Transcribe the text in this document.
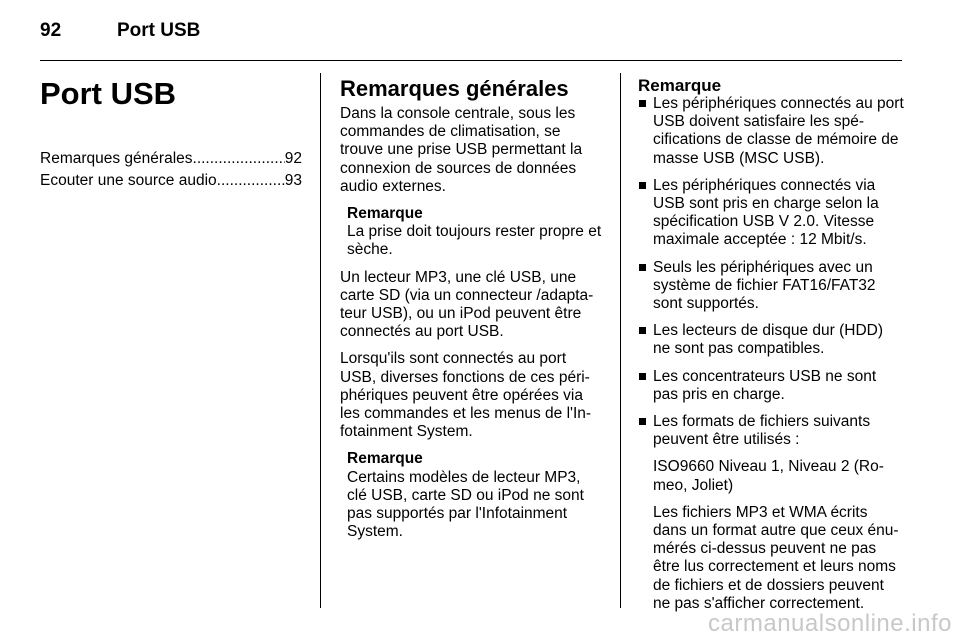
92	Port USB
Port USB
Remarques générales .....	92
Ecouter une source audio .....	93
Remarques générales

Dans la console centrale, sous les commandes de climatisation, se trouve une prise USB permettant la connexion de sources de données audio externes.

Remarque
La prise doit toujours rester propre et sèche.

Un lecteur MP3, une clé USB, une carte SD (via un connecteur /adaptateur USB), ou un iPod peuvent être connectés au port USB.

Lorsqu'ils sont connectés au port USB, diverses fonctions de ces périphériques peuvent être opérées via les commandes et les menus de l'Infotainment System.

Remarque
Certains modèles de lecteur MP3, clé USB, carte SD ou iPod ne sont pas supportés par l'Infotainment System.
Remarque
Les périphériques connectés au port USB doivent satisfaire les spécifications de classe de mémoire de masse USB (MSC USB).
Les périphériques connectés via USB sont pris en charge selon la spécification USB V 2.0. Vitesse maximale acceptée : 12 Mbit/s.
Seuls les périphériques avec un système de fichier FAT16/FAT32 sont supportés.
Les lecteurs de disque dur (HDD) ne sont pas compatibles.
Les concentrateurs USB ne sont pas pris en charge.
Les formats de fichiers suivants peuvent être utilisés :
ISO9660 Niveau 1, Niveau 2 (Romeo, Joliet)
Les fichiers MP3 et WMA écrits dans un format autre que ceux énumérés ci-dessus peuvent ne pas être lus correctement et leurs noms de fichiers et de dossiers peuvent ne pas s'afficher correctement.
carmanualsonline.info
